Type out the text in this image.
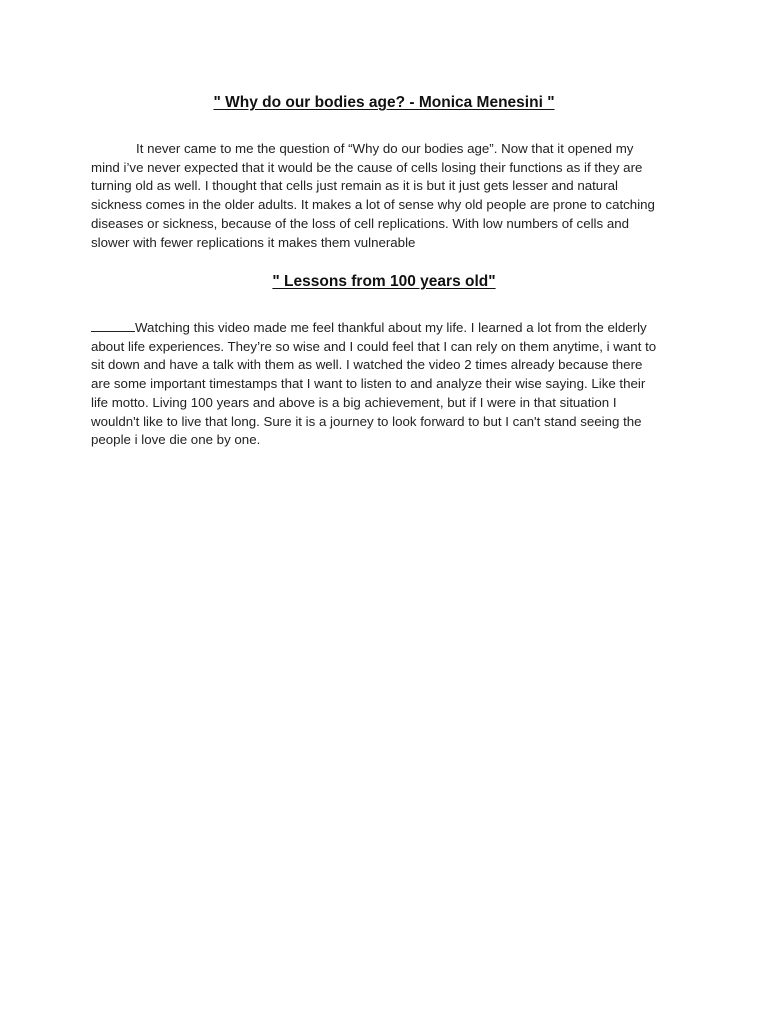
" Why do our bodies age? - Monica Menesini "

It never came to me the question of “Why do our bodies age”. Now that it opened my
mind i’ve never expected that it would be the cause of cells losing their functions as if they are
turning old as well. I thought that cells just remain as it is but it just gets lesser and natural
sickness comes in the older adults. It makes a lot of sense why old people are prone to catching
diseases or sickness, because of the loss of cell replications. With low numbers of cells and
slower with fewer replications it makes them vulnerable

" Lessons from 100 years old"

Watching this video made me feel thankful about my life. I learned a lot from the elderly
about life experiences. They’re so wise and I could feel that I can rely on them anytime, i want to
sit down and have a talk with them as well. I watched the video 2 times already because there
are some important timestamps that I want to listen to and analyze their wise saying. Like their
life motto. Living 100 years and above is a big achievement, but if I were in that situation I
wouldn't like to live that long. Sure it is a journey to look forward to but I can't stand seeing the
people i love die one by one.
